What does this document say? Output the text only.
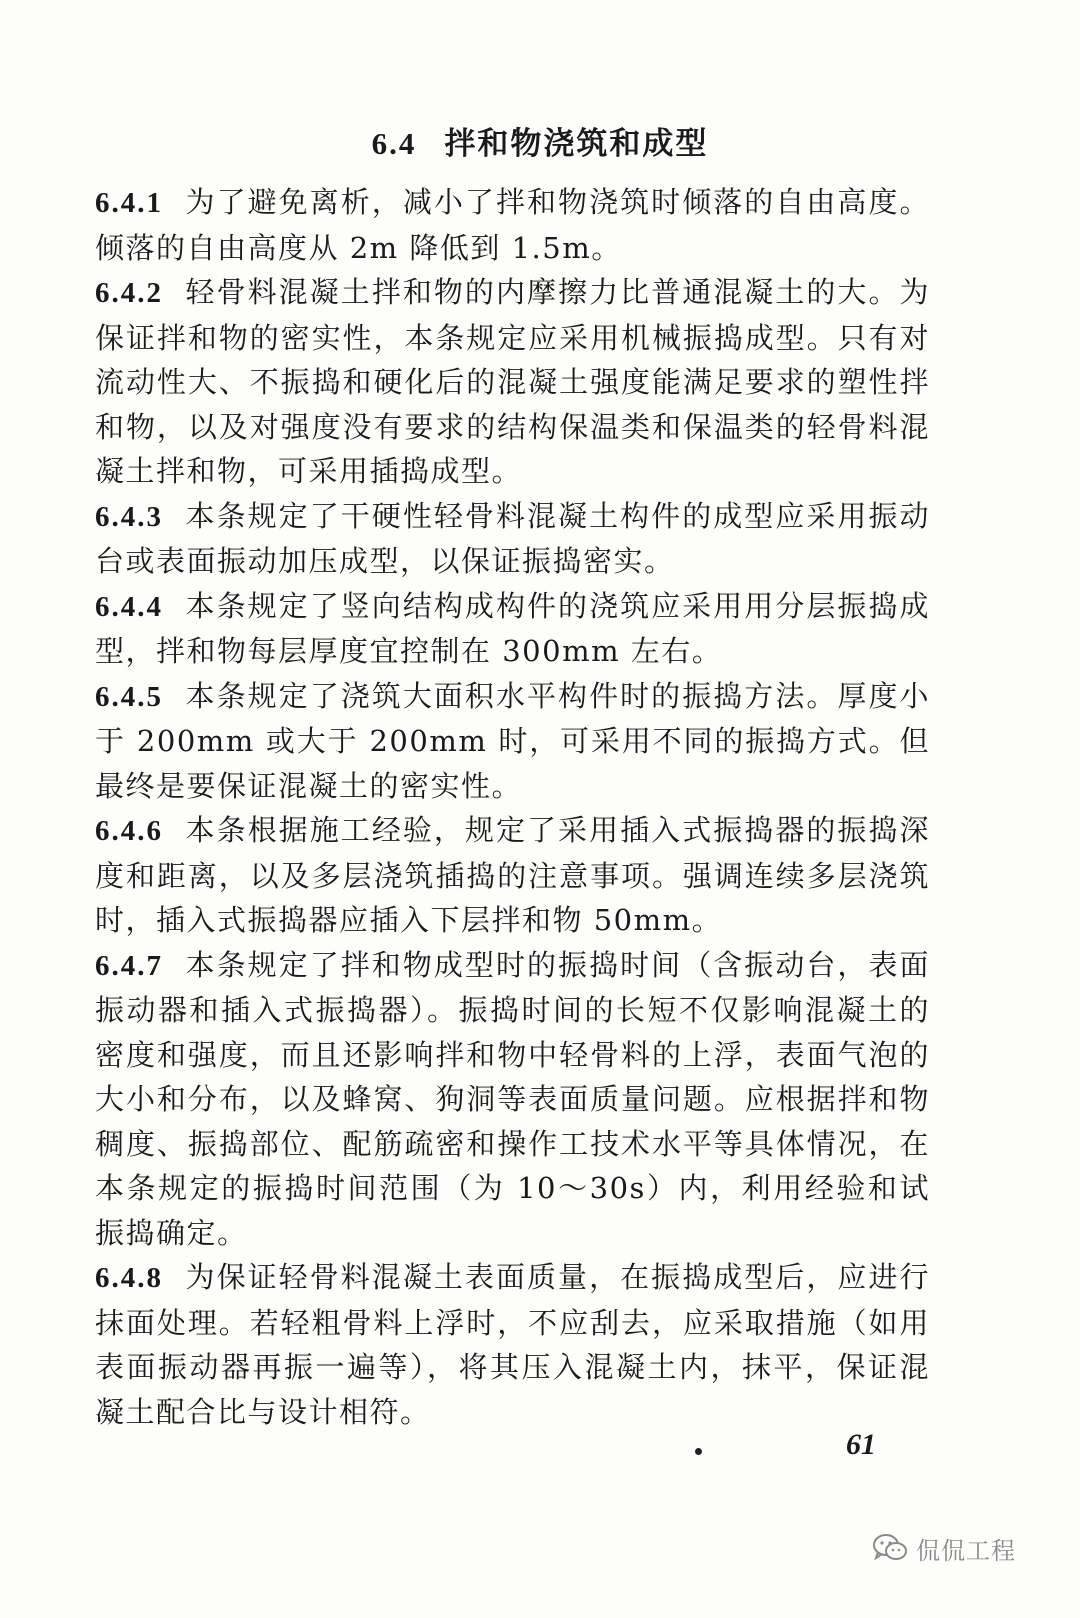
6.4 拌和物浇筑和成型

6.4.1 为了避免离析，减小了拌和物浇筑时倾落的自由高度。倾落的自由高度从 2m 降低到 1.5m。

6.4.2 轻骨料混凝土拌和物的内摩擦力比普通混凝土的大。为保证拌和物的密实性，本条规定应采用机械振捣成型。只有对流动性大、不振捣和硬化后的混凝土强度能满足要求的塑性拌和物，以及对强度没有要求的结构保温类和保温类的轻骨料混凝土拌和物，可采用插捣成型。

6.4.3 本条规定了干硬性轻骨料混凝土构件的成型应采用振动台或表面振动加压成型，以保证振捣密实。

6.4.4 本条规定了竖向结构成构件的浇筑应采用用分层振捣成型，拌和物每层厚度宜控制在 300mm 左右。

6.4.5 本条规定了浇筑大面积水平构件时的振捣方法。厚度小于 200mm 或大于 200mm 时，可采用不同的振捣方式。但最终是要保证混凝土的密实性。

6.4.6 本条根据施工经验，规定了采用插入式振捣器的振捣深度和距离，以及多层浇筑插捣的注意事项。强调连续多层浇筑时，插入式振捣器应插入下层拌和物 50mm。

6.4.7 本条规定了拌和物成型时的振捣时间（含振动台，表面振动器和插入式振捣器）。振捣时间的长短不仅影响混凝土的密度和强度，而且还影响拌和物中轻骨料的上浮，表面气泡的大小和分布，以及蜂窝、狗洞等表面质量问题。应根据拌和物稠度、振捣部位、配筋疏密和操作工技术水平等具体情况，在本条规定的振捣时间范围（为 10～30s）内，利用经验和试振捣确定。

6.4.8 为保证轻骨料混凝土表面质量，在振捣成型后，应进行抹面处理。若轻粗骨料上浮时，不应刮去，应采取措施（如用表面振动器再振一遍等），将其压入混凝土内，抹平，保证混凝土配合比与设计相符。

61
侃侃工程
